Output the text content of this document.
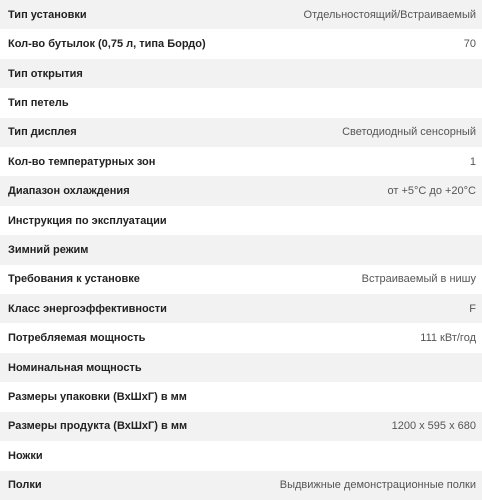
Тип установки	Отдельностоящий/Встраиваемый
Кол-во бутылок (0,75 л, типа Бордо)	70
Тип открытия
Тип петель
Тип дисплея	Светодиодный сенсорный
Кол-во температурных зон	1
Диапазон охлаждения	от +5°C до +20°C
Инструкция по эксплуатации
Зимний режим
Требования к установке	Встраиваемый в нишу
Класс энергоэффективности	F
Потребляемая мощность	111 кВт/год
Номинальная мощность
Размеры упаковки (ВхШхГ) в мм
Размеры продукта (ВхШхГ) в мм	1200 x 595 x 680
Ножки
Полки	Выдвижные демонстрационные полки
